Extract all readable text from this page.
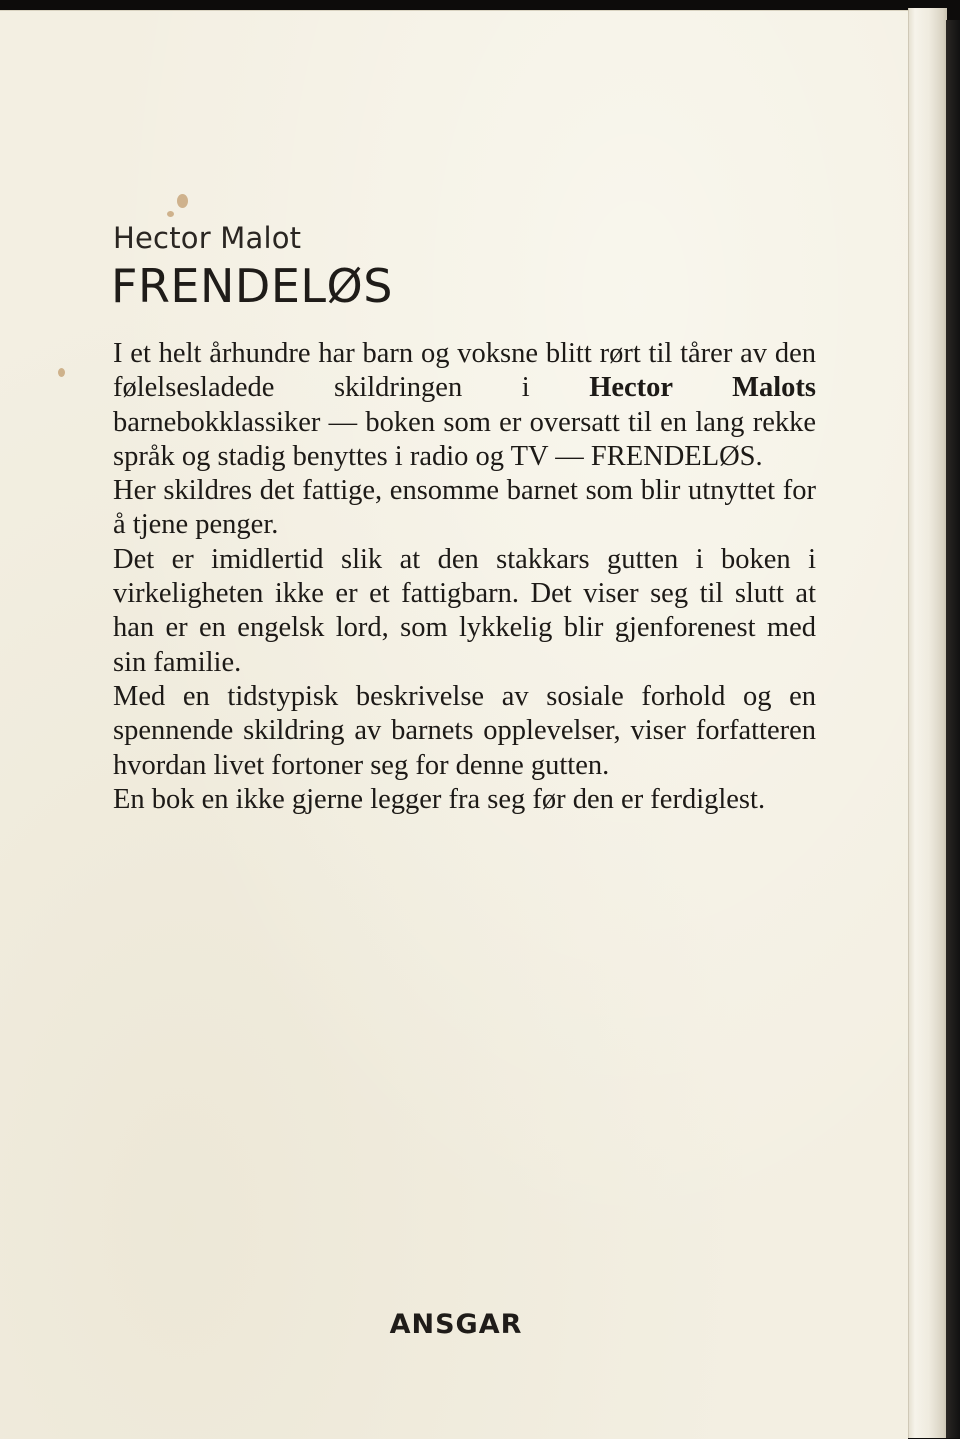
Hector Malot
FRENDELØS

I et helt århundre har barn og voksne blitt rørt til tårer av den følelsesladede skildringen i Hector Malots barnebokklassiker — boken som er oversatt til en lang rekke språk og stadig benyttes i radio og TV — FRENDELØS.

Her skildres det fattige, ensomme barnet som blir utnyttet for å tjene penger.

Det er imidlertid slik at den stakkars gutten i boken i virkeligheten ikke er et fattigbarn. Det viser seg til slutt at han er en engelsk lord, som lykkelig blir gjenforenest med sin familie.

Med en tidstypisk beskrivelse av sosiale forhold og en spennende skildring av barnets opplevelser, viser forfatteren hvordan livet fortoner seg for denne gutten.

En bok en ikke gjerne legger fra seg før den er ferdiglest.

ANSGAR
